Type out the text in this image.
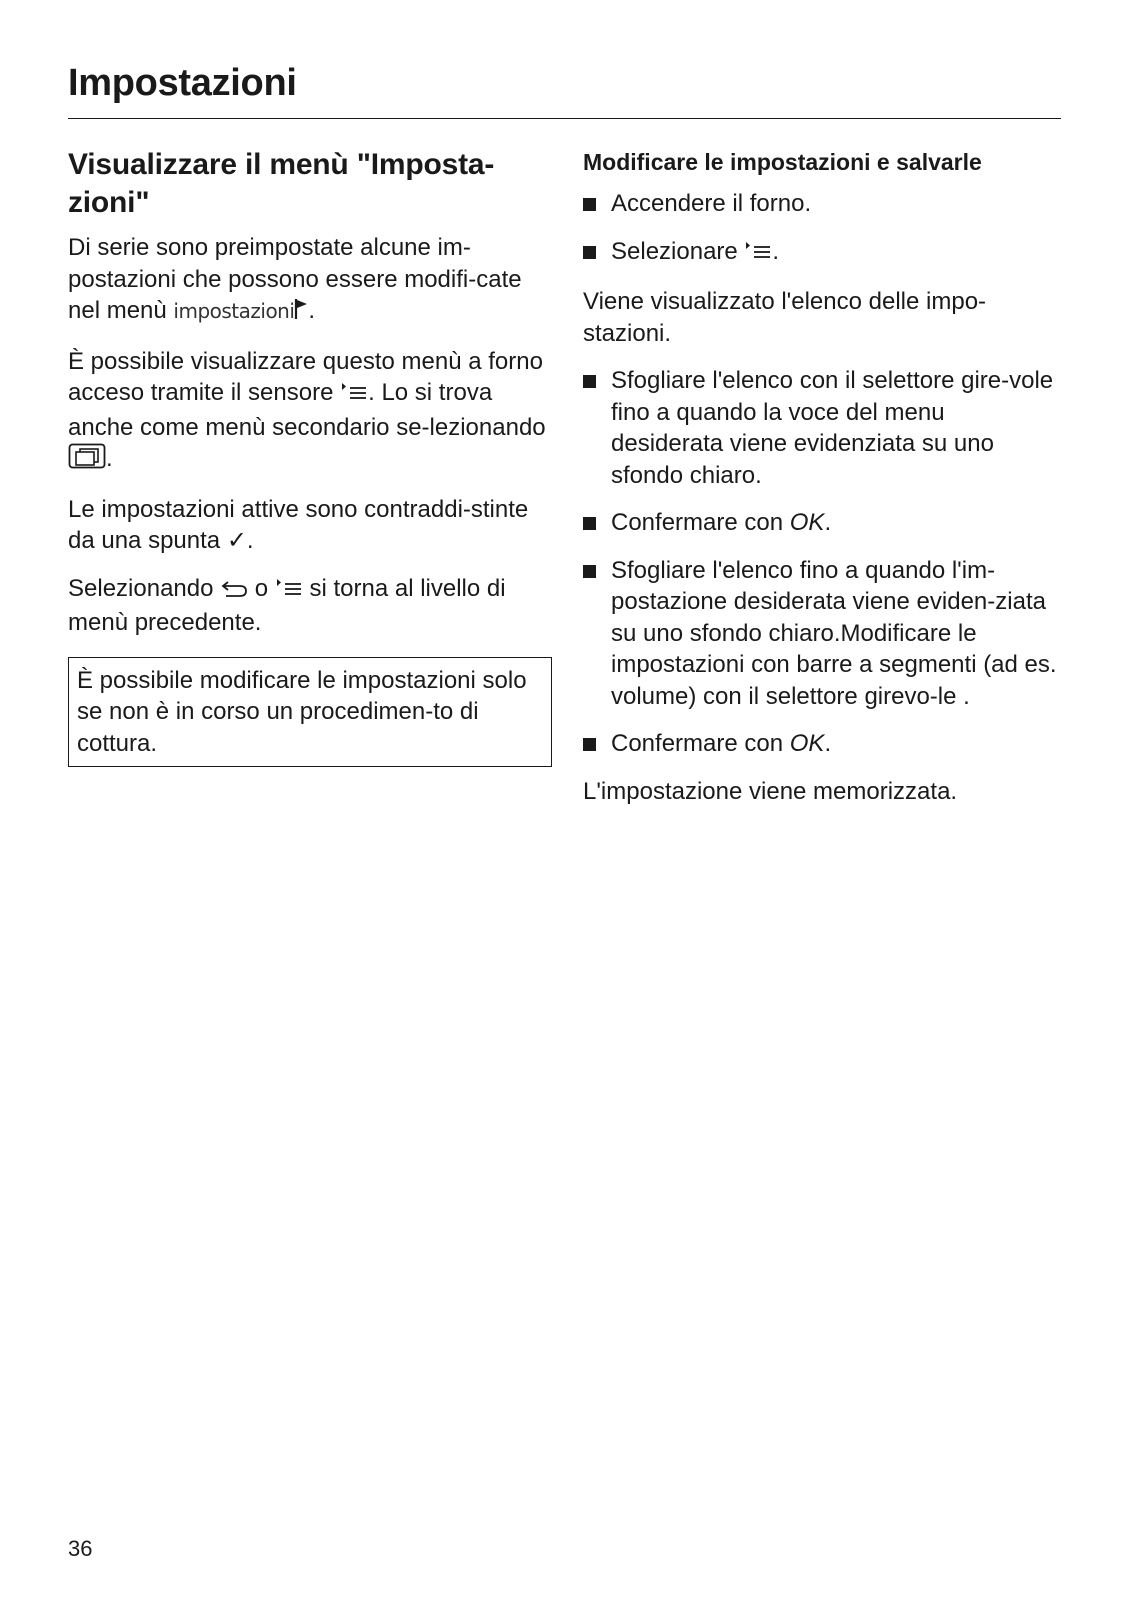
Impostazioni
Visualizzare il menù "Imposta-
zioni"

Di serie sono preimpostate alcune im-postazioni che possono essere modifi-cate nel menù impostazioni .

È possibile visualizzare questo menù a forno acceso tramite il sensore . Lo si trova anche come menù secondario se-lezionando .

Le impostazioni attive sono contraddi-stinte da una spunta ✓.

Selezionando  o  si torna al livello di menù precedente.

È possibile modificare le impostazioni solo se non è in corso un procedimen-to di cottura.
Modificare le impostazioni e salvarle
Accendere il forno.
Selezionare .

Viene visualizzato l'elenco delle impo-stazioni.

Sfogliare l'elenco con il selettore gire-vole fino a quando la voce del menu desiderata viene evidenziata su uno sfondo chiaro.
Confermare con OK.
Sfogliare l'elenco fino a quando l'im-postazione desiderata viene eviden-ziata su uno sfondo chiaro.Modificare le impostazioni con barre a segmenti (ad es. volume) con il selettore girevo-le .
Confermare con OK.

L'impostazione viene memorizzata.

36
